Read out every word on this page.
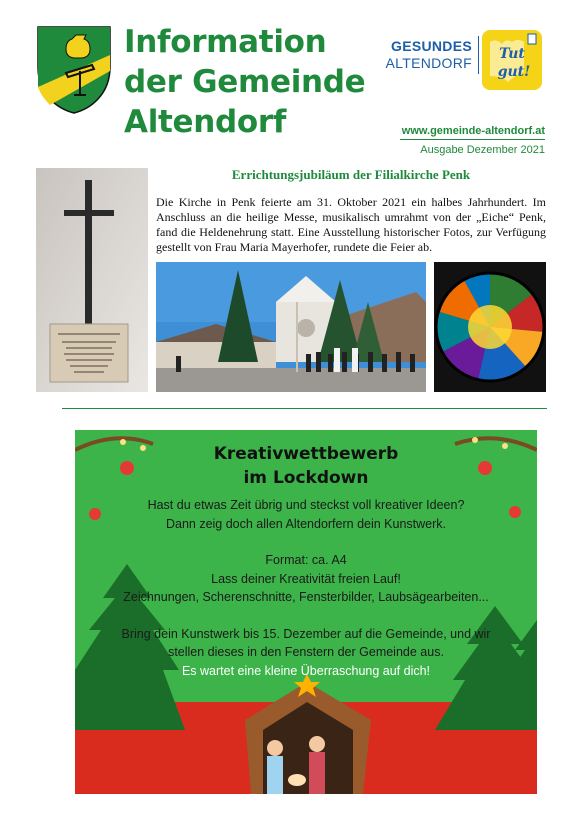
Information
der Gemeinde
Altendorf
GESUNDES
ALTENDORF
Tut
gut!
www.gemeinde-altendorf.at
Ausgabe Dezember 2021
Errichtungsjubiläum der Filialkirche Penk
Die Kirche in Penk feierte am 31. Oktober 2021 ein halbes Jahrhundert. Im Anschluss an die heilige Messe, musikalisch umrahmt von der „Eiche“ Penk, fand die Heldenehrung statt. Eine Ausstellung historischer Fotos, zur Verfügung gestellt von Frau Maria Mayerhofer, rundete die Feier ab.
Kreativwettbewerb
im Lockdown
Hast du etwas Zeit übrig und steckst voll kreativer Ideen?
Dann zeig doch allen Altendorfern dein Kunstwerk.
Format: ca. A4
Lass deiner Kreativität freien Lauf!
Zeichnungen, Scherenschnitte, Fensterbilder, Laubsägearbeiten...
Bring dein Kunstwerk bis 15. Dezember auf die Gemeinde, und wir
stellen dieses in den Fenstern der Gemeinde aus.
Es wartet eine kleine Überraschung auf dich!
